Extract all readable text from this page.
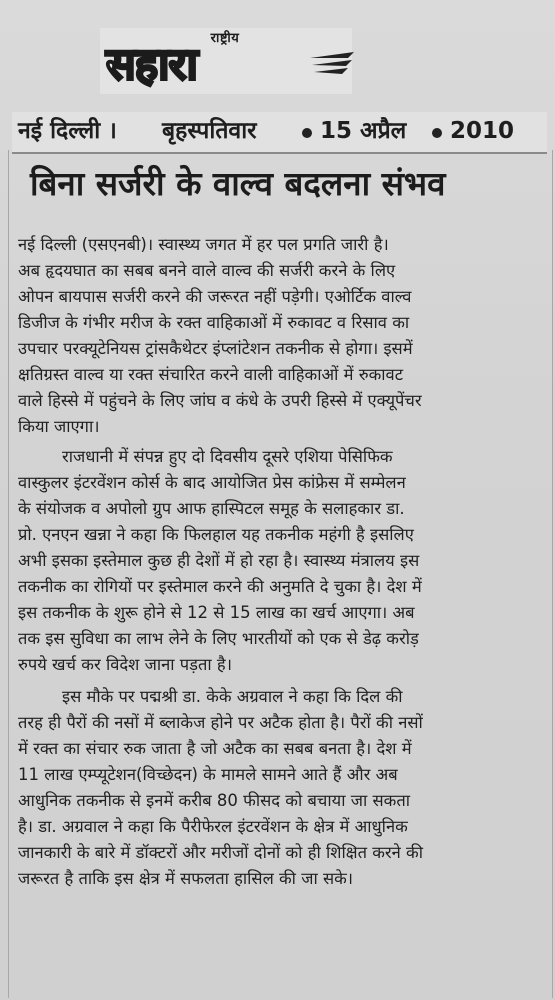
राष्ट्रीय
सहारा
नई दिल्ली । बृहस्पतिवार	15 अप्रैल 2010
बिना सर्जरी के वाल्व बदलना संभव
नई दिल्ली (एसएनबी)। स्वास्थ्य जगत में हर पल प्रगति जारी है।
अब हृदयघात का सबब बनने वाले वाल्व की सर्जरी करने के लिए
ओपन बायपास सर्जरी करने की जरूरत नहीं पड़ेगी। एओर्टिक वाल्व
डिजीज के गंभीर मरीज के रक्त वाहिकाओं में रुकावट व रिसाव का
उपचार परक्यूटेनियस ट्रांसकैथेटर इंप्लांटेशन तकनीक से होगा। इसमें
क्षतिग्रस्त वाल्व या रक्त संचारित करने वाली वाहिकाओं में रुकावट
वाले हिस्से में पहुंचने के लिए जांघ व कंधे के उपरी हिस्से में एक्यूपेंचर
किया जाएगा।
राजधानी में संपन्न हुए दो दिवसीय दूसरे एशिया पेसिफिक
वास्कुलर इंटरवेंशन कोर्स के बाद आयोजित प्रेस कांफ्रेस में सम्मेलन
के संयोजक व अपोलो ग्रुप आफ हास्पिटल समूह के सलाहकार डा.
प्रो. एनएन खन्ना ने कहा कि फिलहाल यह तकनीक महंगी है इसलिए
अभी इसका इस्तेमाल कुछ ही देशों में हो रहा है। स्वास्थ्य मंत्रालय इस
तकनीक का रोगियों पर इस्तेमाल करने की अनुमति दे चुका है। देश में
इस तकनीक के शुरू होने से 12 से 15 लाख का खर्च आएगा। अब
तक इस सुविधा का लाभ लेने के लिए भारतीयों को एक से डेढ़ करोड़
रुपये खर्च कर विदेश जाना पड़ता है।
इस मौके पर पद्मश्री डा. केके अग्रवाल ने कहा कि दिल की
तरह ही पैरों की नसों में ब्लाकेज होने पर अटैक होता है। पैरों की नसों
में रक्त का संचार रुक जाता है जो अटैक का सबब बनता है। देश में
11 लाख एम्प्यूटेशन(विच्छेदन) के मामले सामने आते हैं और अब
आधुनिक तकनीक से इनमें करीब 80 फीसद को बचाया जा सकता
है। डा. अग्रवाल ने कहा कि पैरीफेरल इंटरवेंशन के क्षेत्र में आधुनिक
जानकारी के बारे में डॉक्टरों और मरीजों दोनों को ही शिक्षित करने की
जरूरत है ताकि इस क्षेत्र में सफलता हासिल की जा सके।
